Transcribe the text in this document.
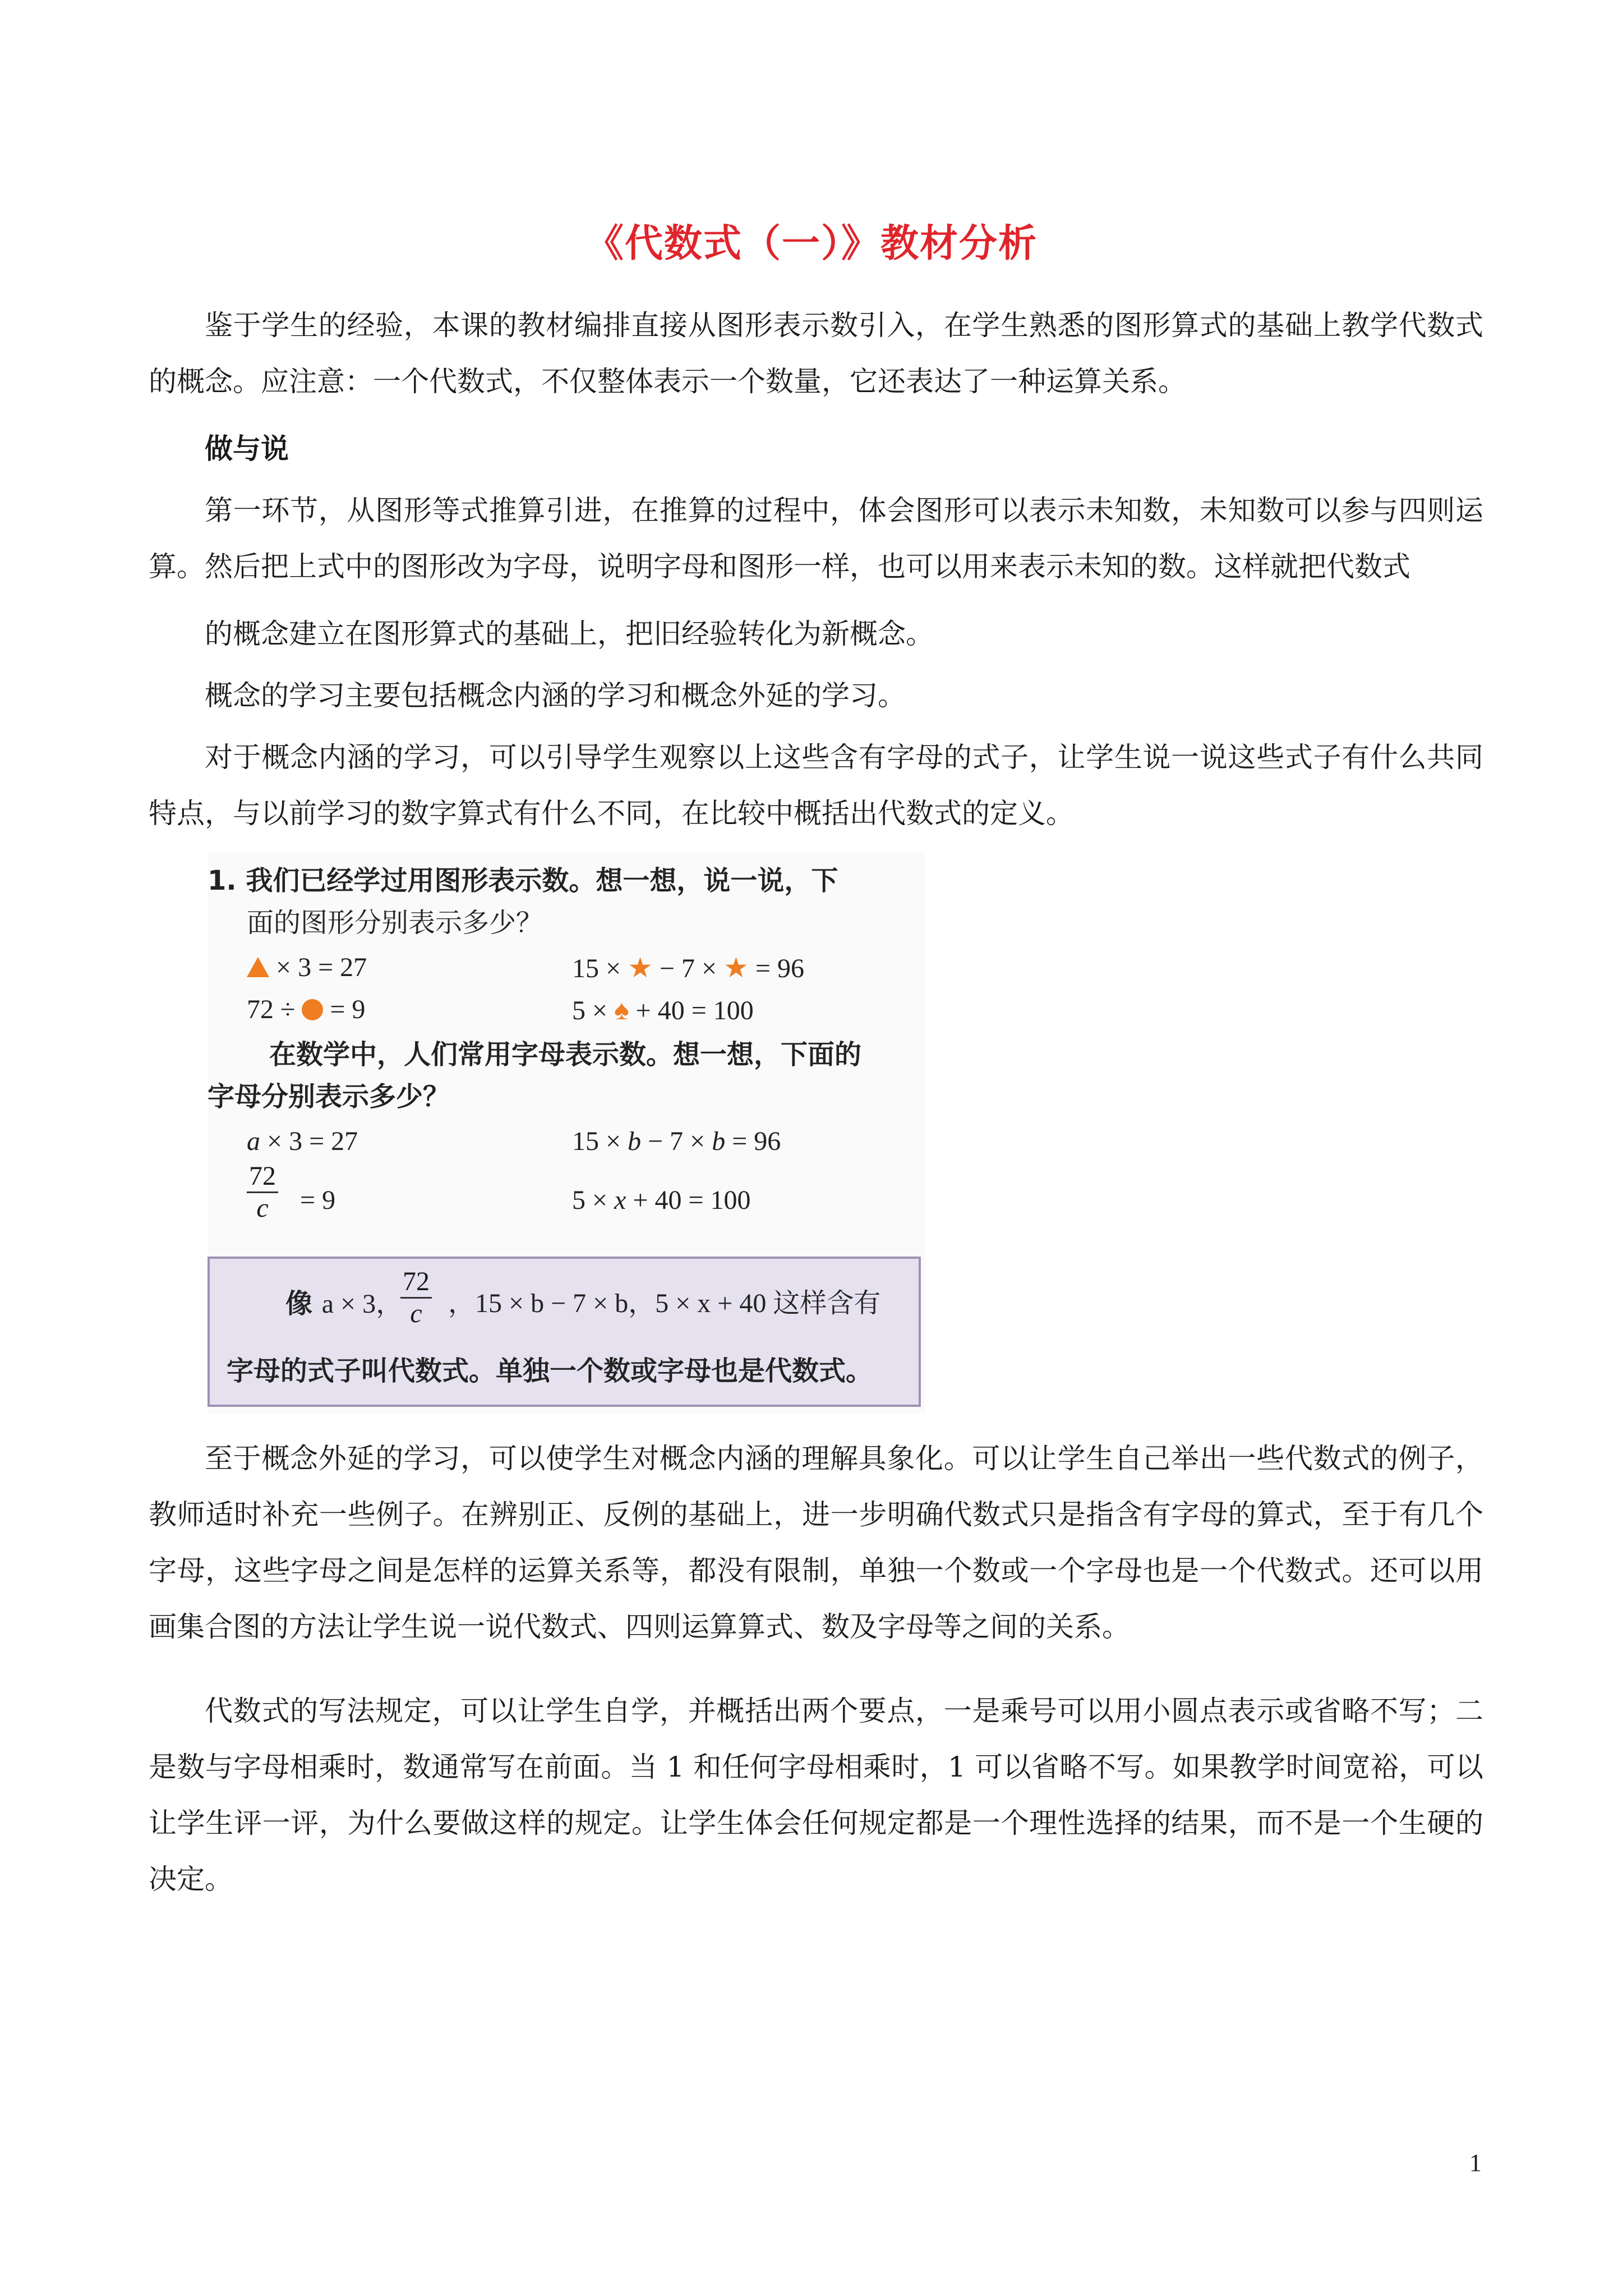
《代数式（一）》教材分析

鉴于学生的经验，本课的教材编排直接从图形表示数引入，在学生熟悉的图形算式的基础上教学代数式的概念。应注意：一个代数式，不仅整体表示一个数量，它还表达了一种运算关系。

做与说

第一环节，从图形等式推算引进，在推算的过程中，体会图形可以表示未知数，未知数可以参与四则运算。然后把上式中的图形改为字母，说明字母和图形一样，也可以用来表示未知的数。这样就把代数式

的概念建立在图形算式的基础上，把旧经验转化为新概念。

概念的学习主要包括概念内涵的学习和概念外延的学习。

对于概念内涵的学习，可以引导学生观察以上这些含有字母的式子，让学生说一说这些式子有什么共同特点，与以前学习的数字算式有什么不同，在比较中概括出代数式的定义。

1. 我们已经学过用图形表示数。想一想，说一说，下
面的图形分别表示多少？
× 3 = 27	15 × ★ − 7 × ★ = 96
72 ÷  = 9	5 × ♠ + 40 = 100
在数学中，人们常用字母表示数。想一想，下面的
字母分别表示多少？
a × 3 = 27	15 × b − 7 × b = 96
$\frac{72}{c} = 9$	5 × x + 40 = 100
像 a × 3，
$\frac{72}{c}$ ，15 × b − 7 × b，5 × x + 40 这样含有
字母的式子叫代数式。单独一个数或字母也是代数式。

至于概念外延的学习，可以使学生对概念内涵的理解具象化。可以让学生自己举出一些代数式的例子，教师适时补充一些例子。在辨别正、反例的基础上，进一步明确代数式只是指含有字母的算式，至于有几个字母，这些字母之间是怎样的运算关系等，都没有限制，单独一个数或一个字母也是一个代数式。还可以用画集合图的方法让学生说一说代数式、四则运算算式、数及字母等之间的关系。

代数式的写法规定，可以让学生自学，并概括出两个要点，一是乘号可以用小圆点表示或省略不写；二是数与字母相乘时，数通常写在前面。当 1 和任何字母相乘时，1 可以省略不写。如果教学时间宽裕，可以让学生评一评，为什么要做这样的规定。让学生体会任何规定都是一个理性选择的结果，而不是一个生硬的决定。

1
